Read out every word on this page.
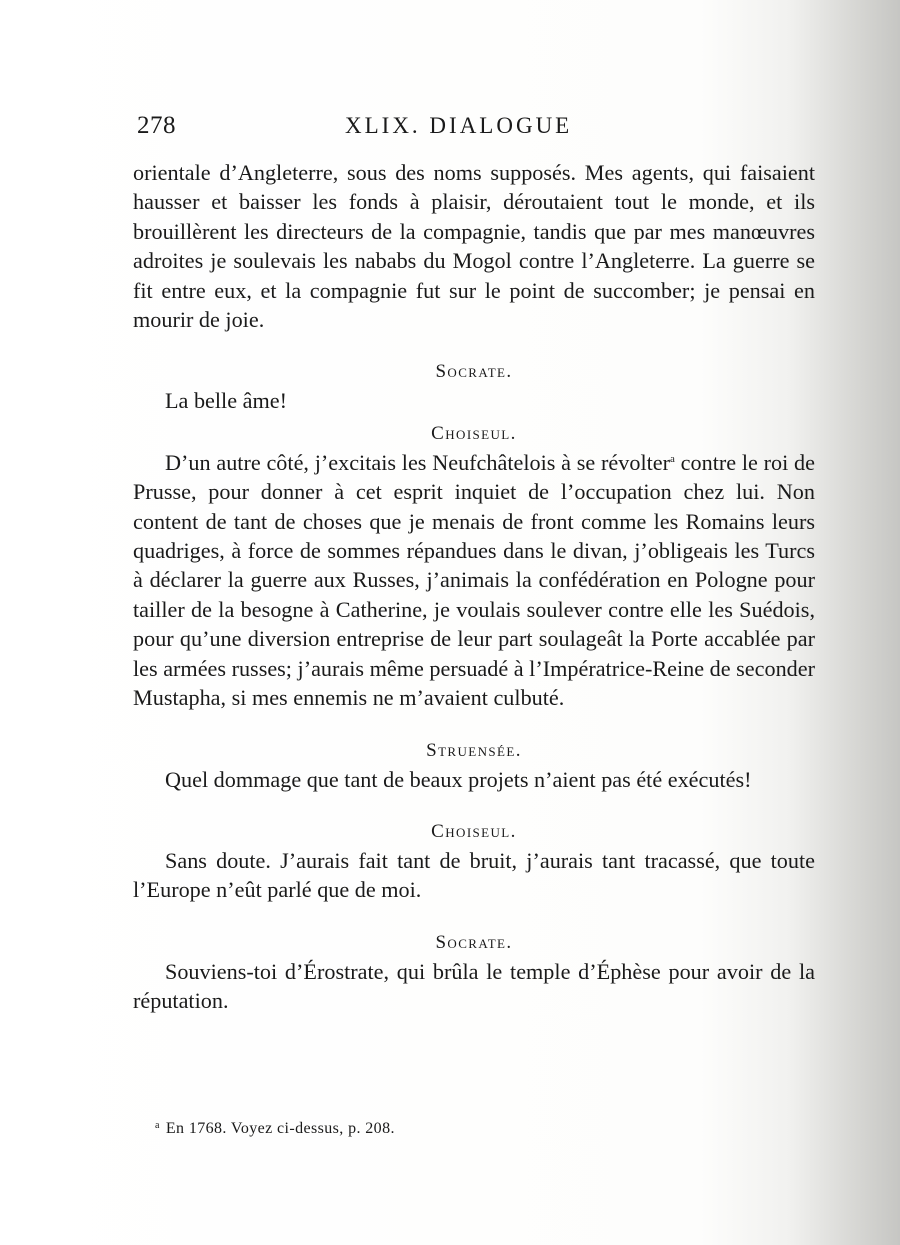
278	XLIX. DIALOGUE

orientale d’Angleterre, sous des noms supposés. Mes agents, qui faisaient hausser et baisser les fonds à plaisir, déroutaient tout le monde, et ils brouillèrent les directeurs de la compagnie, tandis que par mes manœuvres adroites je soulevais les nababs du Mogol contre l’Angleterre. La guerre se fit entre eux, et la compagnie fut sur le point de succomber; je pensai en mourir de joie.

Socrate.

La belle âme!

Choiseul.

D’un autre côté, j’excitais les Neufchâtelois à se révolter$^a$ contre le roi de Prusse, pour donner à cet esprit inquiet de l’occupation chez lui. Non content de tant de choses que je menais de front comme les Romains leurs quadriges, à force de sommes répandues dans le divan, j’obligeais les Turcs à déclarer la guerre aux Russes, j’animais la confédération en Pologne pour tailler de la besogne à Catherine, je voulais soulever contre elle les Suédois, pour qu’une diversion entreprise de leur part soulageât la Porte accablée par les armées russes; j’aurais même persuadé à l’Impératrice-Reine de seconder Mustapha, si mes ennemis ne m’avaient culbuté.

Struensée.

Quel dommage que tant de beaux projets n’aient pas été exécutés!

Choiseul.

Sans doute. J’aurais fait tant de bruit, j’aurais tant tracassé, que toute l’Europe n’eût parlé que de moi.

Socrate.

Souviens-toi d’Érostrate, qui brûla le temple d’Éphèse pour avoir de la réputation.

$^a$ En 1768. Voyez ci-dessus, p. 208.
